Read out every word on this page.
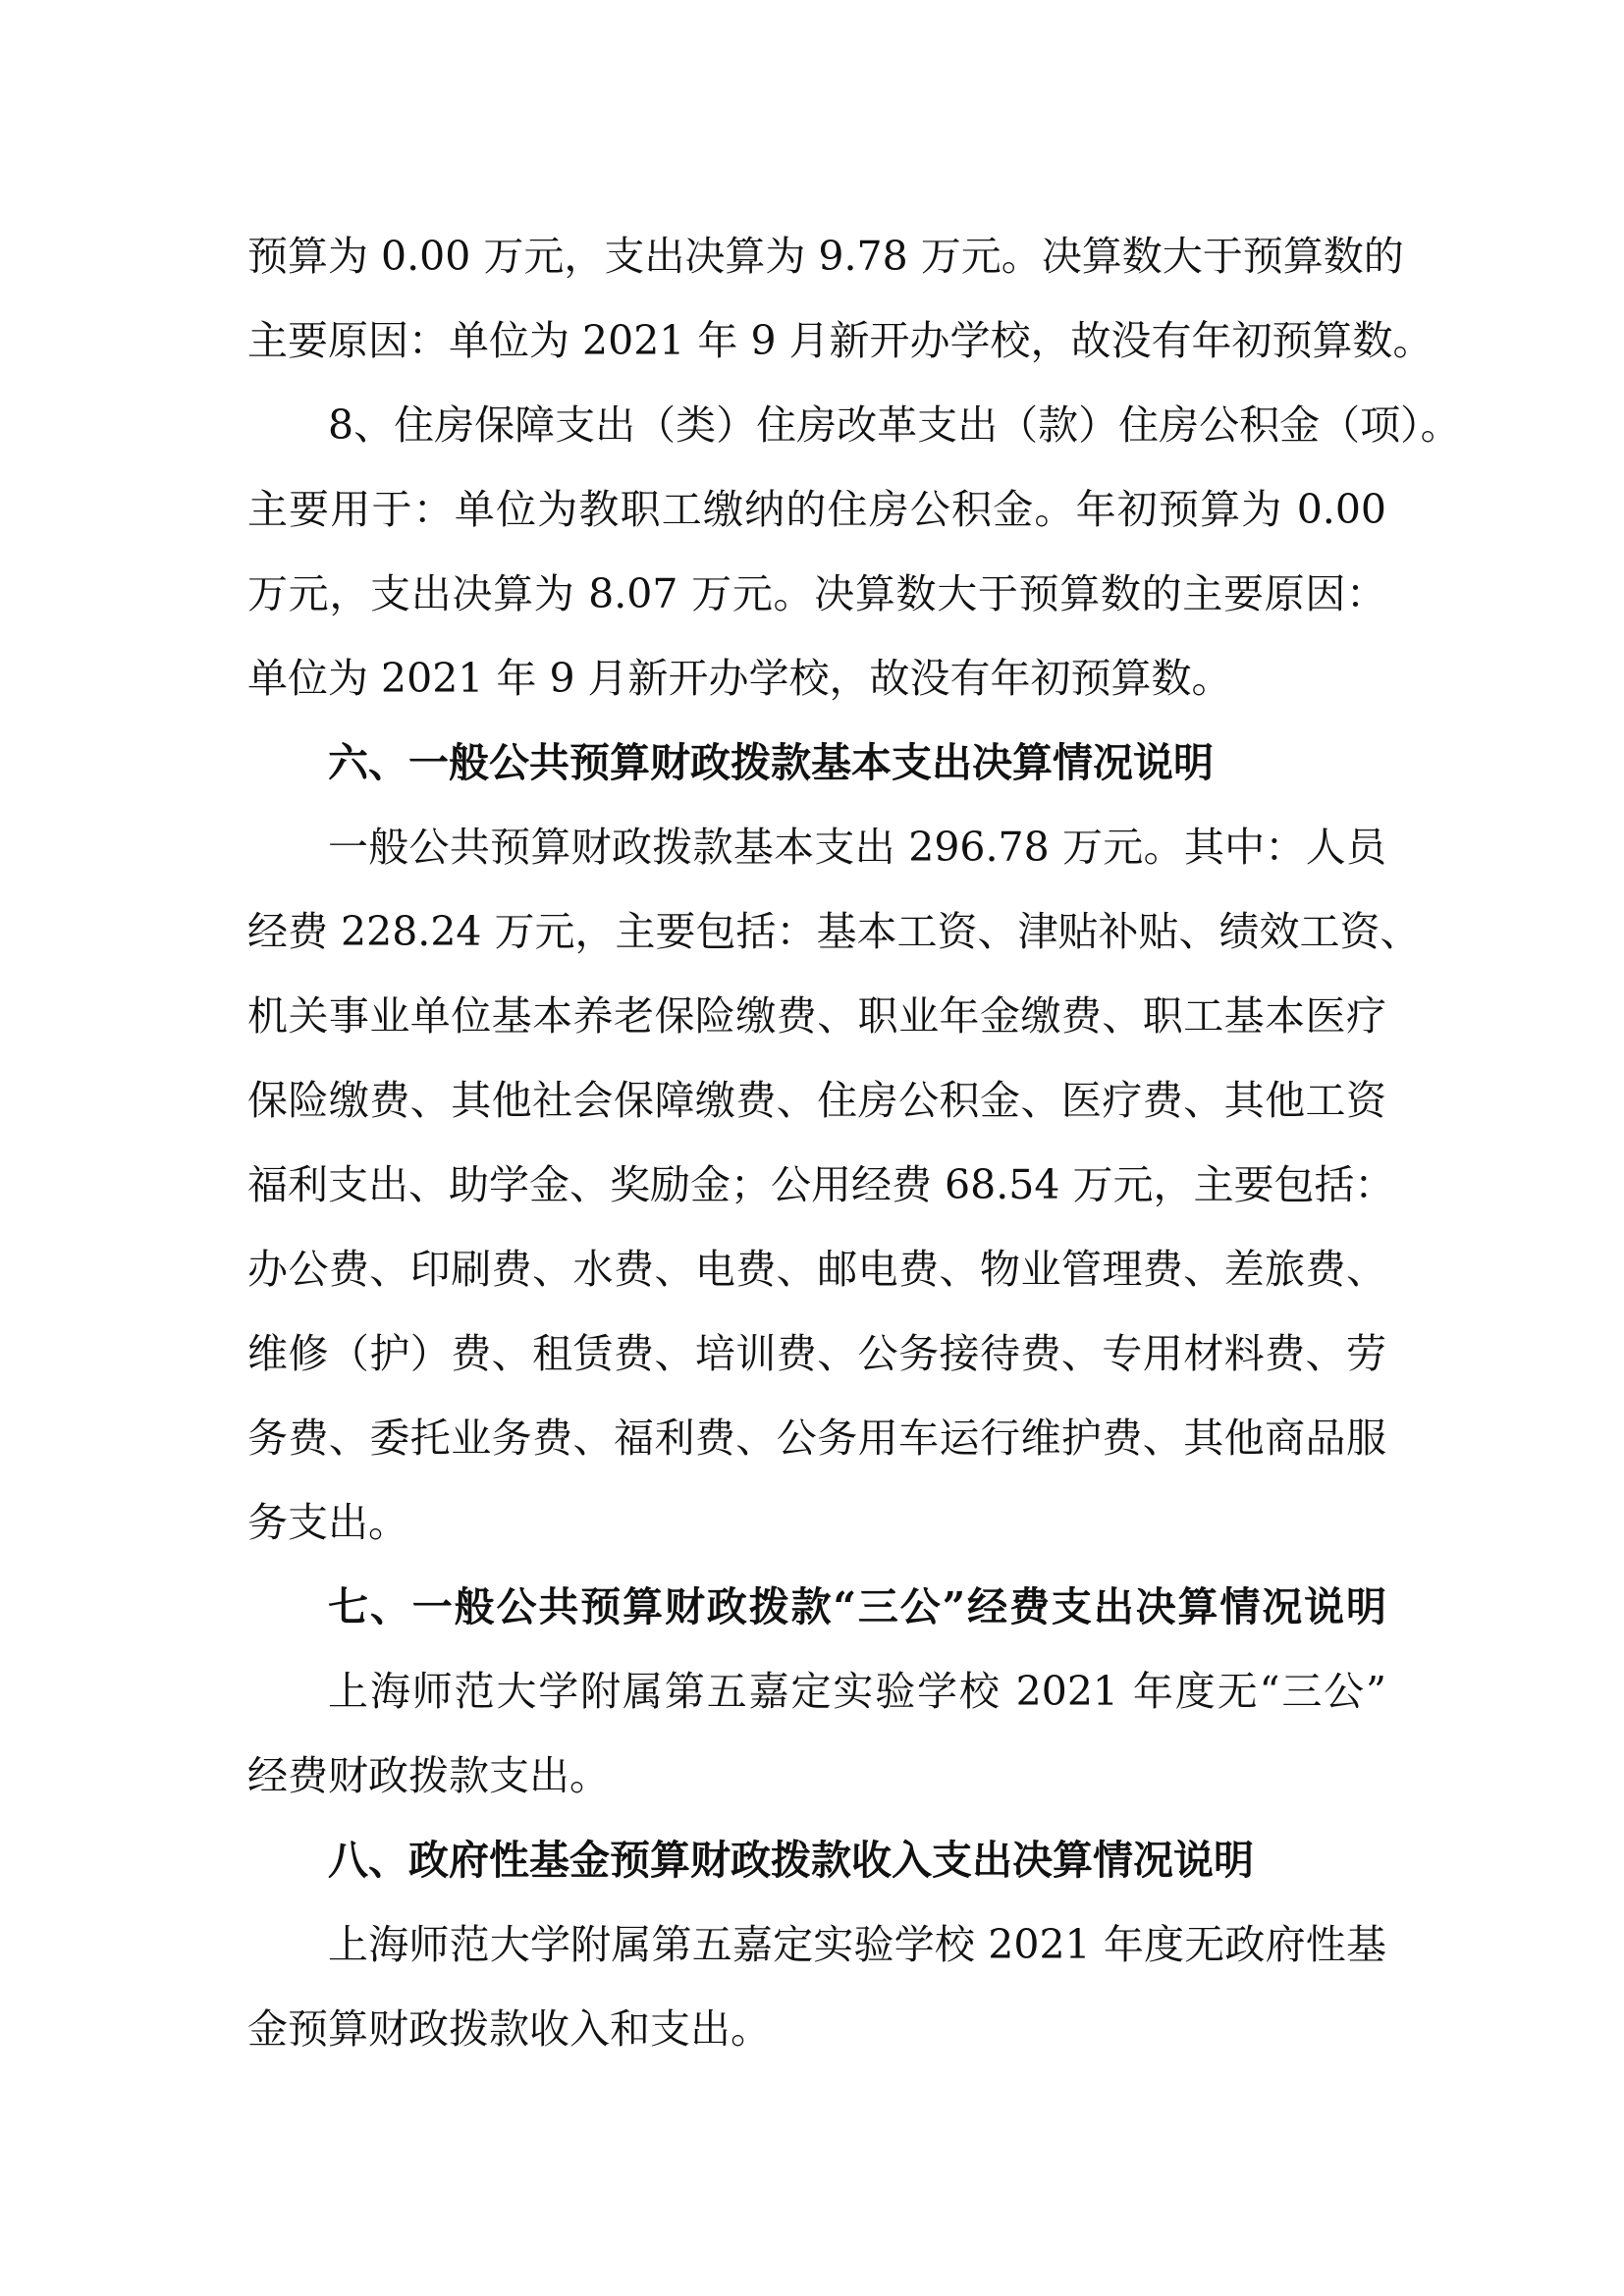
预算为 0.00 万元，支出决算为 9.78 万元。决算数大于预算数的
主要原因：单位为 2021 年 9 月新开办学校，故没有年初预算数。
8、住房保障支出（类）住房改革支出（款）住房公积金（项）。
主要用于：单位为教职工缴纳的住房公积金。年初预算为 0.00
万元，支出决算为 8.07 万元。决算数大于预算数的主要原因：
单位为 2021 年 9 月新开办学校，故没有年初预算数。
六、一般公共预算财政拨款基本支出决算情况说明
一般公共预算财政拨款基本支出 296.78 万元。其中：人员
经费 228.24 万元，主要包括：基本工资、津贴补贴、绩效工资、
机关事业单位基本养老保险缴费、职业年金缴费、职工基本医疗
保险缴费、其他社会保障缴费、住房公积金、医疗费、其他工资
福利支出、助学金、奖励金；公用经费 68.54 万元，主要包括：
办公费、印刷费、水费、电费、邮电费、物业管理费、差旅费、
维修（护）费、租赁费、培训费、公务接待费、专用材料费、劳
务费、委托业务费、福利费、公务用车运行维护费、其他商品服
务支出。
七、一般公共预算财政拨款“三公”经费支出决算情况说明
上海师范大学附属第五嘉定实验学校 2021 年度无“三公”
经费财政拨款支出。
八、政府性基金预算财政拨款收入支出决算情况说明
上海师范大学附属第五嘉定实验学校 2021 年度无政府性基
金预算财政拨款收入和支出。
